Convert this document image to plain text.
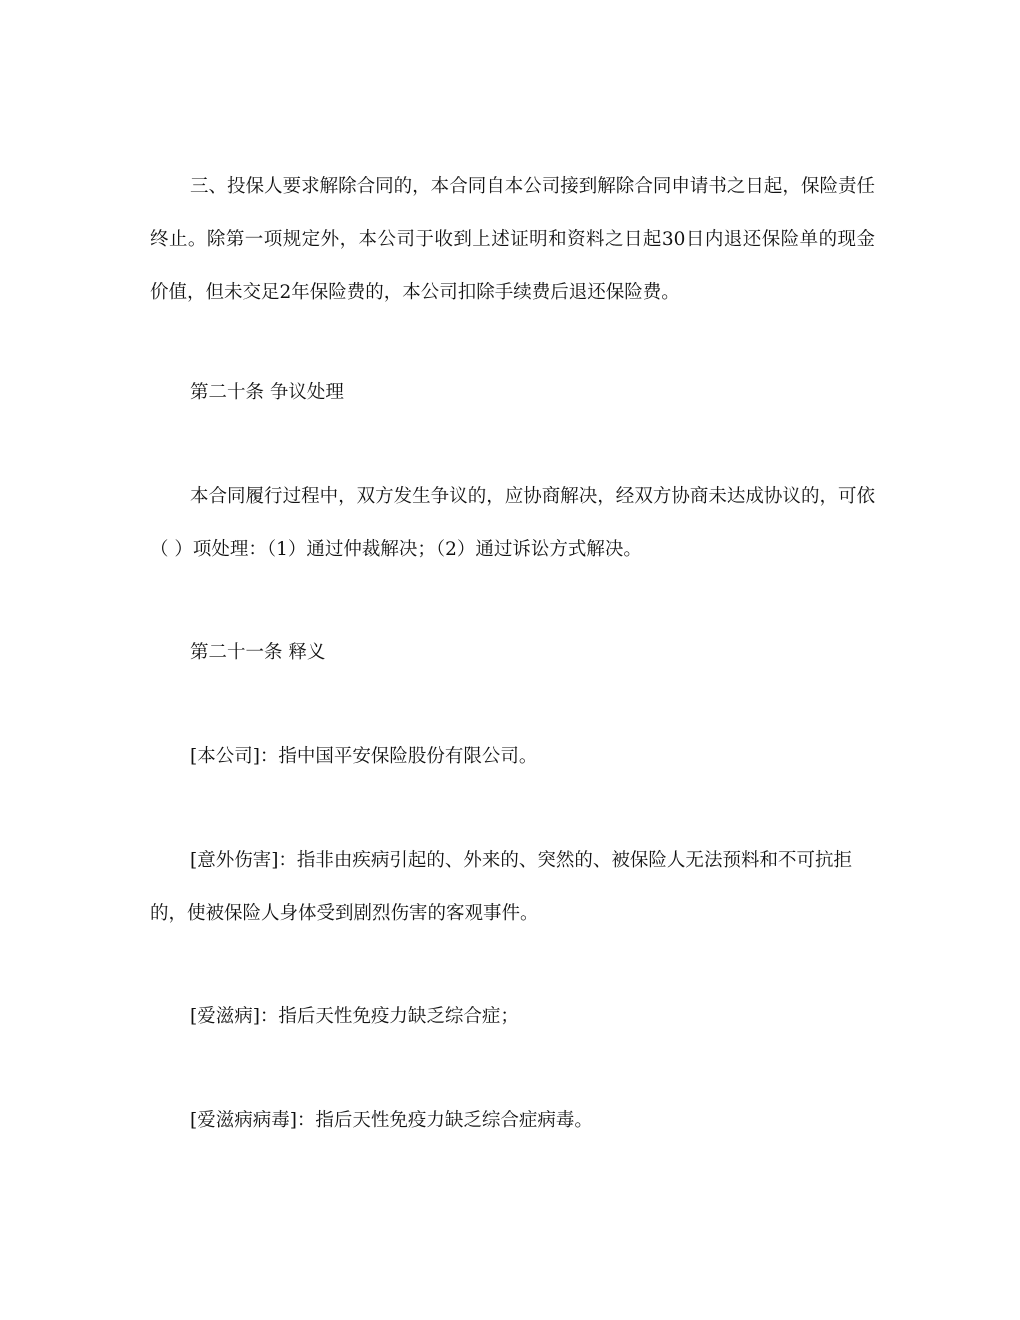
三、投保人要求解除合同的，本合同自本公司接到解除合同申请书之日起，保险责任终止。除第一项规定外，本公司于收到上述证明和资料之日起30日内退还保险单的现金价值，但未交足2年保险费的，本公司扣除手续费后退还保险费。

第二十条 争议处理

本合同履行过程中，双方发生争议的，应协商解决，经双方协商未达成协议的，可依（ ）项处理：（1）通过仲裁解决；（2）通过诉讼方式解决。

第二十一条 释义

[本公司]：指中国平安保险股份有限公司。

[意外伤害]：指非由疾病引起的、外来的、突然的、被保险人无法预料和不可抗拒的，使被保险人身体受到剧烈伤害的客观事件。

[爱滋病]：指后天性免疫力缺乏综合症；

[爱滋病病毒]：指后天性免疫力缺乏综合症病毒。
